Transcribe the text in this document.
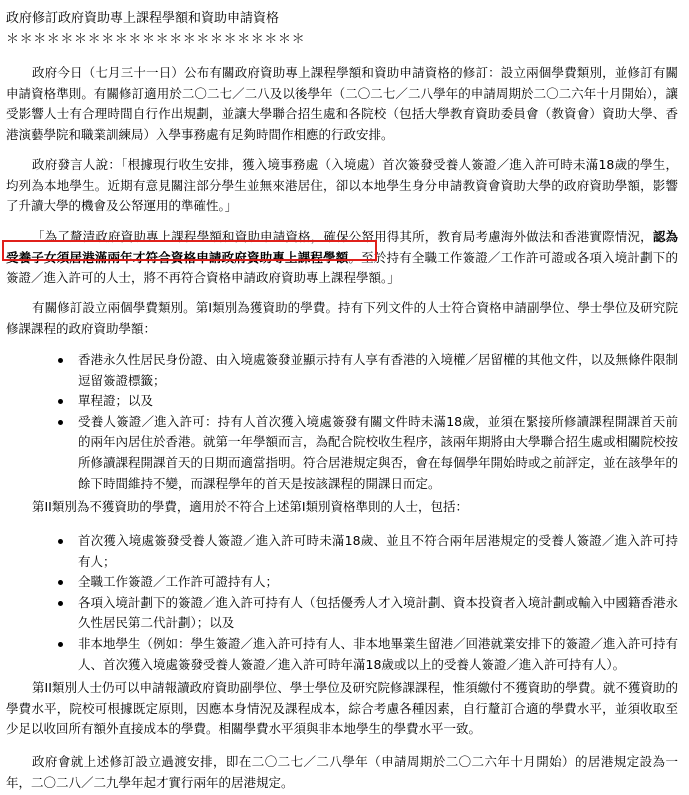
政府修訂政府資助專上課程學額和資助申請資格
＊＊＊＊＊＊＊＊＊＊＊＊＊＊＊＊＊＊＊＊＊＊

政府今日（七月三十一日）公布有關政府資助專上課程學額和資助申請資格的修訂：設立兩個學費類別，並修訂有關申請資格準則。有關修訂適用於二〇二七／二八及以後學年（二〇二七／二八學年的申請周期於二〇二六年十月開始），讓受影響人士有合理時間自行作出規劃，並讓大學聯合招生處和各院校（包括大學教育資助委員會（教資會）資助大學、香港演藝學院和職業訓練局）入學事務處有足夠時間作相應的行政安排。

政府發言人說：「根據現行收生安排，獲入境事務處（入境處）首次簽發受養人簽證／進入許可時未滿18歲的學生，均列為本地學生。近期有意見關注部分學生並無來港居住，卻以本地學生身分申請教資會資助大學的政府資助學額，影響了升讀大學的機會及公帑運用的準確性。」

「為了釐清政府資助專上課程學額和資助申請資格，確保公帑用得其所，教育局考慮海外做法和香港實際情況，認為受養子女須居港滿兩年才符合資格申請政府資助專上課程學額。至於持有全職工作簽證／工作許可證或各項入境計劃下的簽證／進入許可的人士，將不再符合資格申請政府資助專上課程學額。」

有關修訂設立兩個學費類別。第I類別為獲資助的學費。持有下列文件的人士符合資格申請副學位、學士學位及研究院修課課程的政府資助學額：

香港永久性居民身份證、由入境處簽發並顯示持有人享有香港的入境權／居留權的其他文件，以及無條件限制逗留簽證標籤；
單程證；以及
受養人簽證／進入許可：持有人首次獲入境處簽發有關文件時未滿18歲，並須在緊接所修讀課程開課首天前的兩年內居住於香港。就第一年學額而言，為配合院校收生程序，該兩年期將由大學聯合招生處或相關院校按所修讀課程開課首天的日期而適當指明。符合居港規定與否，會在每個學年開始時或之前評定，並在該學年的餘下時間維持不變，而課程學年的首天是按該課程的開課日而定。

第II類別為不獲資助的學費，適用於不符合上述第I類別資格準則的人士，包括：

首次獲入境處簽發受養人簽證／進入許可時未滿18歲、並且不符合兩年居港規定的受養人簽證／進入許可持有人；
全職工作簽證／工作許可證持有人；
各項入境計劃下的簽證／進入許可持有人（包括優秀人才入境計劃、資本投資者入境計劃或輸入中國籍香港永久性居民第二代計劃）；以及
非本地學生（例如：學生簽證／進入許可持有人、非本地畢業生留港／回港就業安排下的簽證／進入許可持有人、首次獲入境處簽發受養人簽證／進入許可時年滿18歲或以上的受養人簽證／進入許可持有人）。

第II類別人士仍可以申請報讀政府資助副學位、學士學位及研究院修課課程，惟須繳付不獲資助的學費。就不獲資助的學費水平，院校可根據既定原則，因應本身情況及課程成本，綜合考慮各種因素，自行釐訂合適的學費水平，並須收取至少足以收回所有額外直接成本的學費。相關學費水平須與非本地學生的學費水平一致。

政府會就上述修訂設立過渡安排，即在二〇二七／二八學年（申請周期於二〇二六年十月開始）的居港規定設為一年，二〇二八／二九學年起才實行兩年的居港規定。
